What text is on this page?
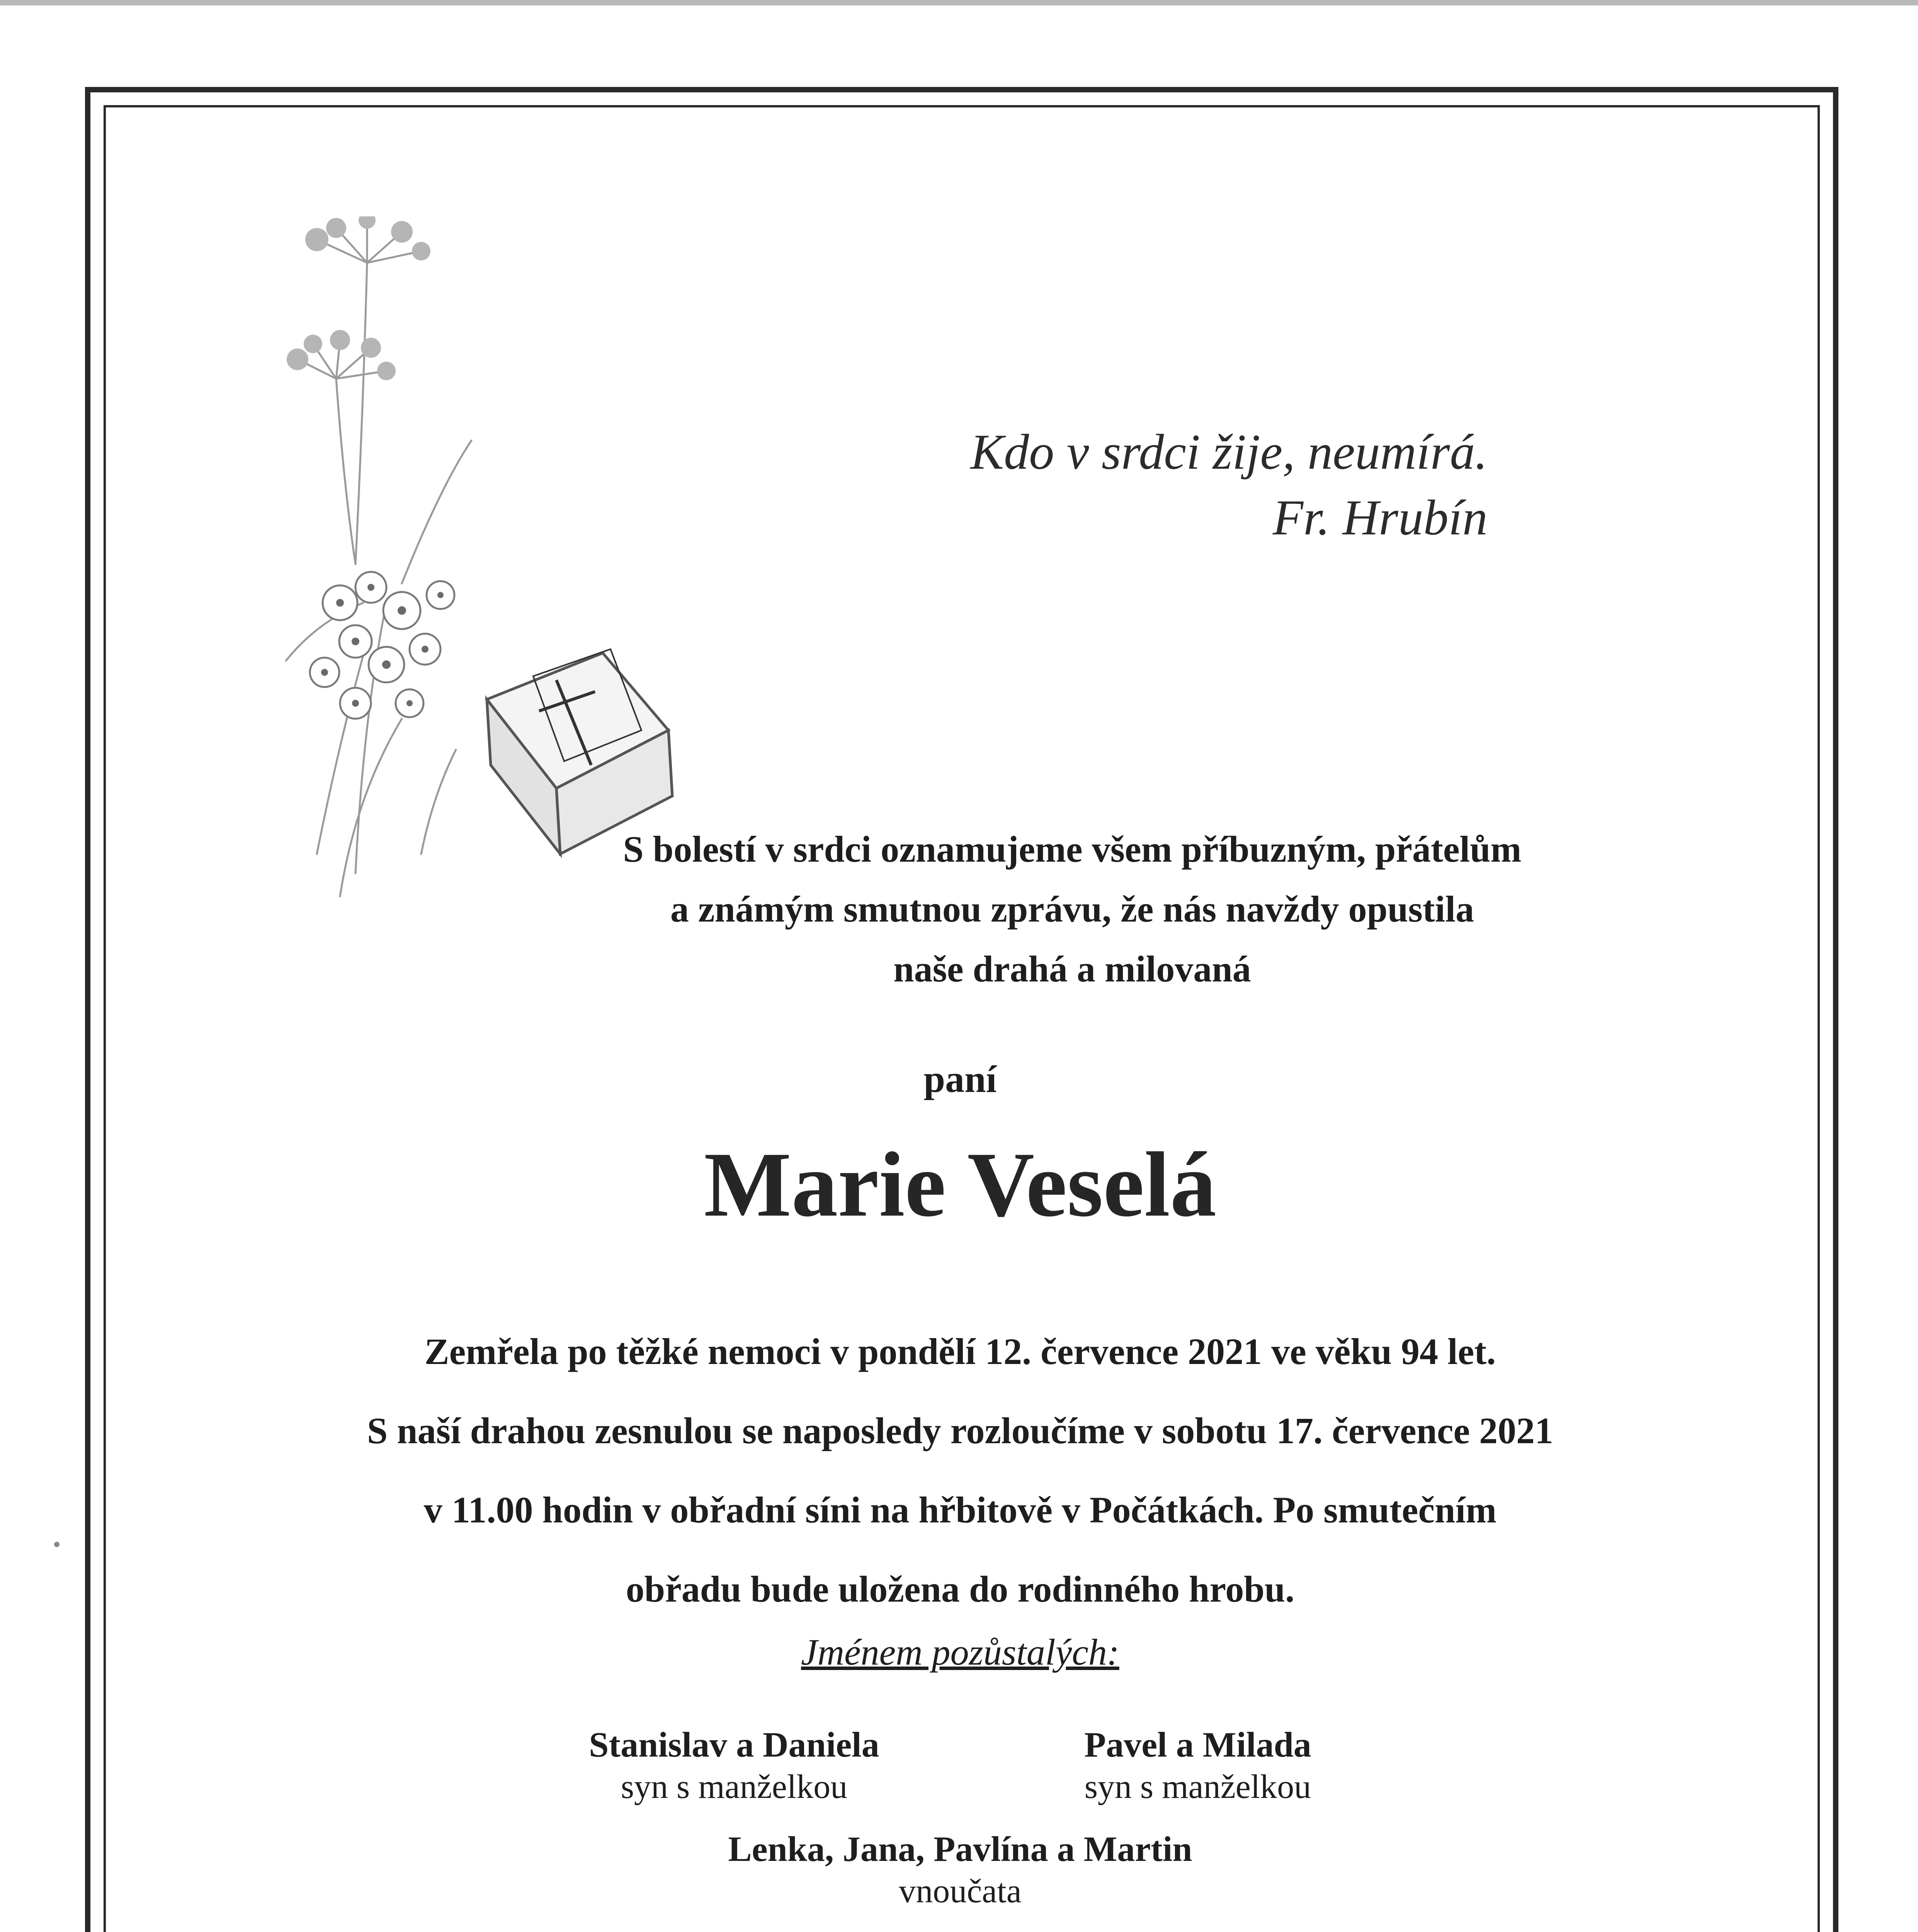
Kdo v srdci žije, neumírá.
Fr. Hrubín
S bolestí v srdci oznamujeme všem příbuzným, přátelům
a známým smutnou zprávu, že nás navždy opustila
naše drahá a milovaná
paní
Marie Veselá
Zemřela po těžké nemoci v pondělí 12. července 2021 ve věku 94 let.
S naší drahou zesnulou se naposledy rozloučíme v sobotu 17. července 2021
v 11.00 hodin v obřadní síni na hřbitově v Počátkách. Po smutečním
obřadu bude uložena do rodinného hrobu.
Jménem pozůstalých:
Stanislav a Daniela
syn s manželkou
Pavel a Milada
syn s manželkou
Lenka, Jana, Pavlína a Martin
vnoučata
